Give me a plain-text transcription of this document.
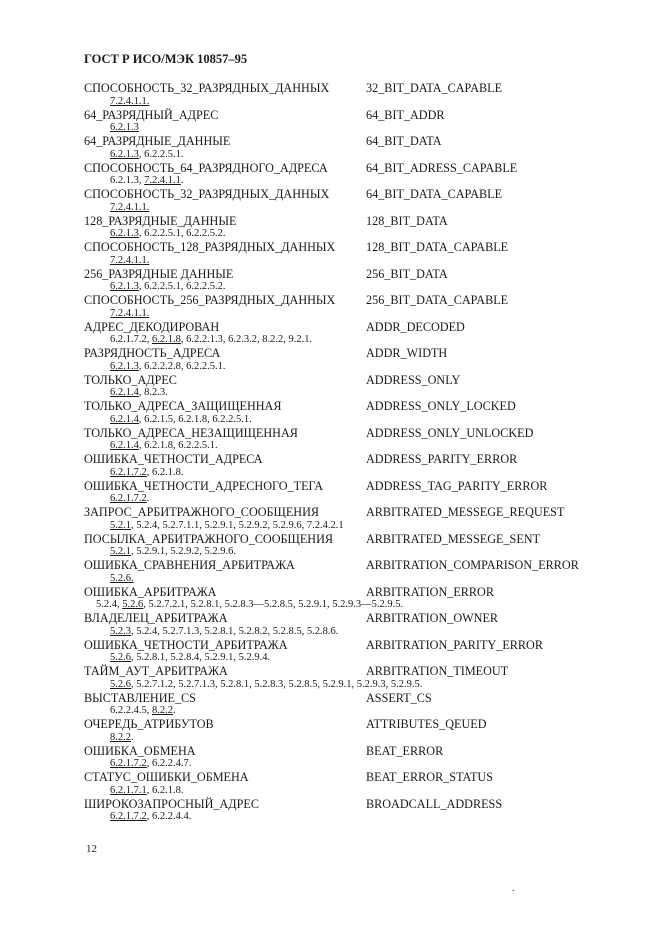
ГОСТ Р ИСО/МЭК 10857–95
СПОСОБНОСТЬ_32_РАЗРЯДНЫХ_ДАННЫХ	32_BIT_DATA_CAPABLE
7.2.4.1.1.
64_РАЗРЯДНЫЙ_АДРЕС	64_BIT_ADDR
6.2.1.3
64_РАЗРЯДНЫЕ_ДАННЫЕ	64_BIT_DATA
6.2.1.3, 6.2.2.5.1.
СПОСОБНОСТЬ_64_РАЗРЯДНОГО_АДРЕСА	64_BIT_ADRESS_CAPABLE
6.2.1.3, 7.2.4.1.1.
СПОСОБНОСТЬ_32_РАЗРЯДНЫХ_ДАННЫХ	64_BIT_DATA_CAPABLE
7.2.4.1.1.
128_РАЗРЯДНЫЕ_ДАННЫЕ	128_BIT_DATA
6.2.1.3, 6.2.2.5.1, 6.2.2.5.2.
СПОСОБНОСТЬ_128_РАЗРЯДНЫХ_ДАННЫХ	128_BIT_DATA_CAPABLE
7.2.4.1.1.
256_РАЗРЯДНЫЕ ДАННЫЕ	256_BIT_DATA
6.2.1.3, 6.2.2.5.1, 6.2.2.5.2.
СПОСОБНОСТЬ_256_РАЗРЯДНЫХ_ДАННЫХ	256_BIT_DATA_CAPABLE
7.2.4.1.1.
АДРЕС_ДЕКОДИРОВАН	ADDR_DECODED
6.2.1.7.2, 6.2.1.8, 6.2.2.1.3, 6.2.3.2, 8.2.2, 9.2.1.
РАЗРЯДНОСТЬ_АДРЕСА	ADDR_WIDTH
6.2.1.3, 6.2.2.2.8, 6.2.2.5.1.
ТОЛЬКО_АДРЕС	ADDRESS_ONLY
6.2.1.4, 8.2.3.
ТОЛЬКО_АДРЕСА_ЗАЩИЩЕННАЯ	ADDRESS_ONLY_LOCKED
6.2.1.4, 6.2.1.5, 6.2.1.8, 6.2.2.5.1.
ТОЛЬКО_АДРЕСА_НЕЗАЩИЩЕННАЯ	ADDRESS_ONLY_UNLOCKED
6.2.1.4, 6.2.1.8, 6.2.2.5.1.
ОШИБКА_ЧЕТНОСТИ_АДРЕСА	ADDRESS_PARITY_ERROR
6.2.1.7.2, 6.2.1.8.
ОШИБКА_ЧЕТНОСТИ_АДРЕСНОГО_ТЕГА	ADDRESS_TAG_PARITY_ERROR
6.2.1.7.2.
ЗАПРОС_АРБИТРАЖНОГО_СООБЩЕНИЯ	ARBITRATED_MESSEGE_REQUEST
5.2.1, 5.2.4, 5.2.7.1.1, 5.2.9.1, 5.2.9.2, 5.2.9.6, 7.2.4.2.1
ПОСЫЛКА_АРБИТРАЖНОГО_СООБЩЕНИЯ	ARBITRATED_MESSEGE_SENT
5.2.1, 5.2.9.1, 5.2.9.2, 5.2.9.6.
ОШИБКА_СРАВНЕНИЯ_АРБИТРАЖА	ARBITRATION_COMPARISON_ERROR
5.2.6.
ОШИБКА_АРБИТРАЖА	ARBITRATION_ERROR
5.2.4, 5.2.6, 5.2.7.2.1, 5.2.8.1, 5.2.8.3—5.2.8.5, 5.2.9.1, 5.2.9.3—5.2.9.5.
ВЛАДЕЛЕЦ_АРБИТРАЖА	ARBITRATION_OWNER
5.2.3, 5.2.4, 5.2.7.1.3, 5.2.8.1, 5.2.8.2, 5.2.8.5, 5.2.8.6.
ОШИБКА_ЧЕТНОСТИ_АРБИТРАЖА	ARBITRATION_PARITY_ERROR
5.2.6, 5.2.8.1, 5.2.8.4, 5.2.9.1, 5.2.9.4.
ТАЙМ_АУТ_АРБИТРАЖА	ARBITRATION_TIMEOUT
5.2.6, 5.2.7.1.2, 5.2.7.1.3, 5.2.8.1, 5.2.8.3, 5.2.8.5, 5.2.9.1, 5.2.9.3, 5.2.9.5.
ВЫСТАВЛЕНИЕ_CS	ASSERT_CS
6.2.2.4.5, 8.2.2.
ОЧЕРЕДЬ_АТРИБУТОВ	ATTRIBUTES_QEUED
8.2.2.
ОШИБКА_ОБМЕНА	BEAT_ERROR
6.2.1.7.2, 6.2.2.4.7.
СТАТУС_ОШИБКИ_ОБМЕНА	BEAT_ERROR_STATUS
6.2.1.7.1, 6.2.1.8.
ШИРОКОЗАПРОСНЫЙ_АДРЕС	BROADCALL_ADDRESS
6.2.1.7.2, 6.2.2.4.4.
12
.
